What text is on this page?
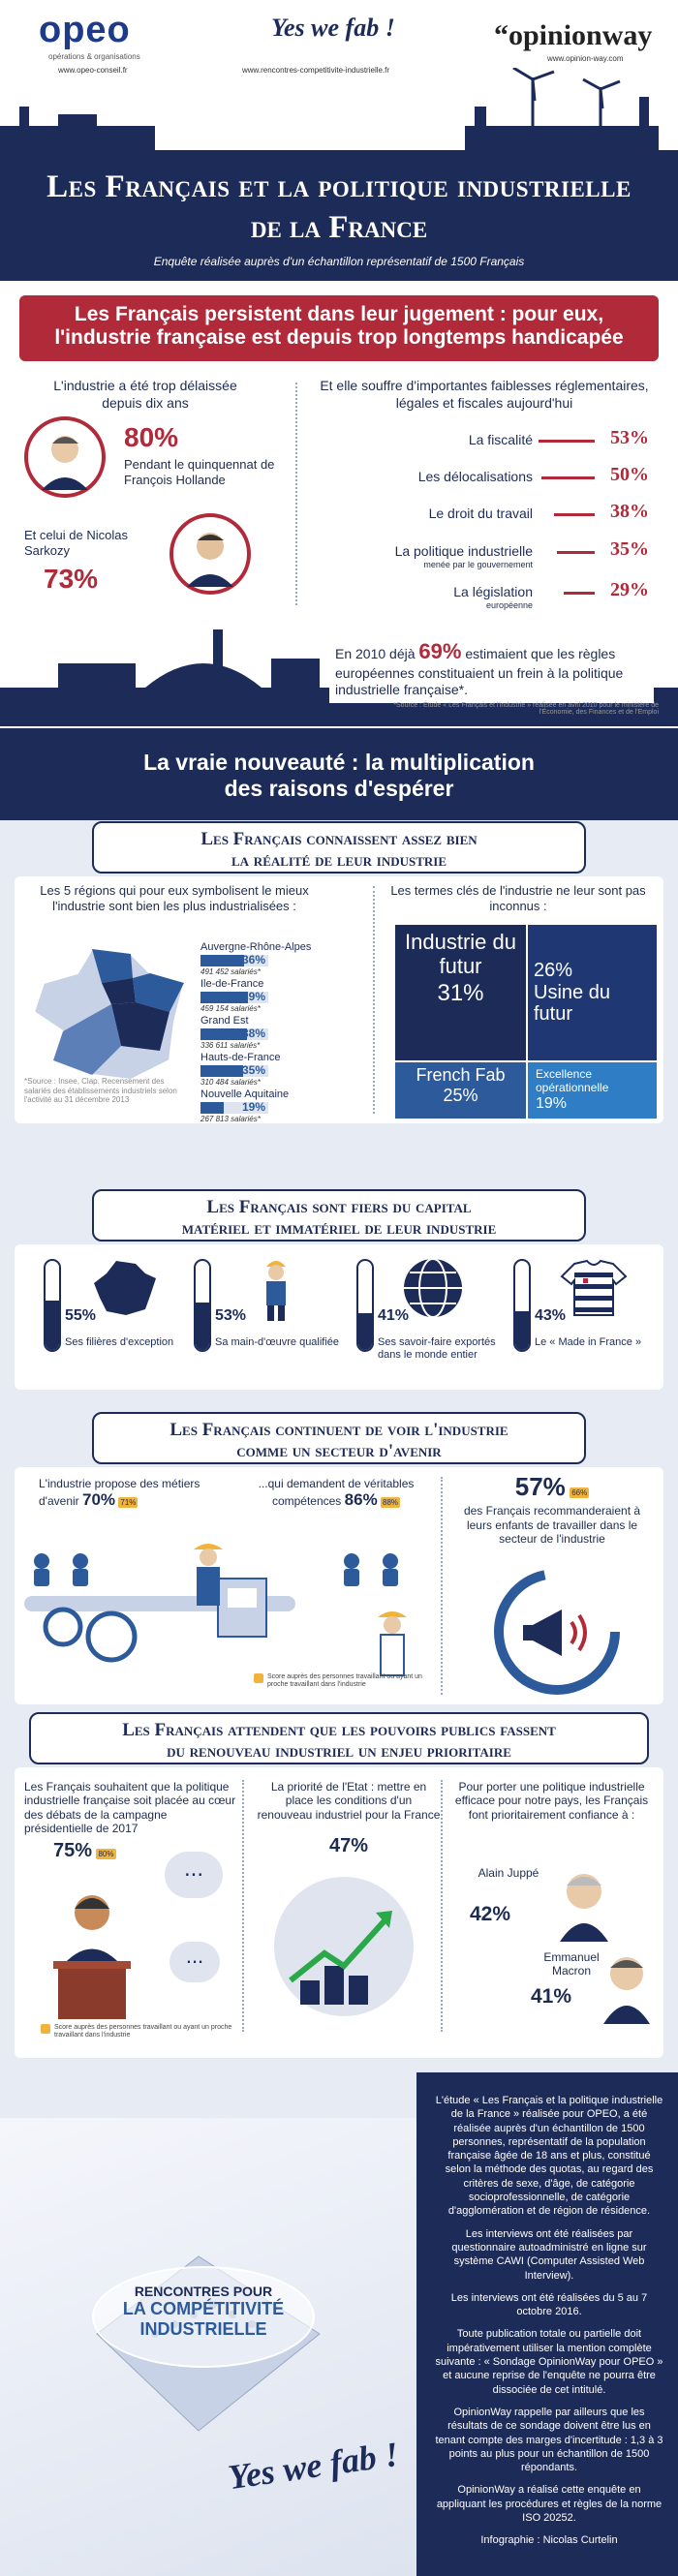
opeo
opérations & organisations
www.opeo-conseil.fr
Yes we fab !
www.rencontres-competitivite-industrielle.fr
“opinionway
www.opinion-way.com
Les Français et la politique industrielle
de la France
Enquête réalisée auprès d'un échantillon représentatif de 1500 Français
Les Français persistent dans leur jugement : pour eux,
l'industrie française est depuis trop longtemps handicapée
L'industrie a été trop délaissée depuis dix ans
80%
Pendant le quinquennat de François Hollande
Et celui de Nicolas Sarkozy
73%
Et elle souffre d'importantes faiblesses réglementaires, légales et fiscales aujourd'hui
La fiscalité	53%
Les délocalisations	50%
Le droit du travail	38%
La politique industrielle
menée par le gouvernement
35%
La législation
européenne
29%
En 2010 déjà 69% estimaient que les règles européennes constituaient un frein à la politique industrielle française*.
*Source : Étude « Les Français et l'industrie » réalisée en avril 2010 pour le ministère de l'Économie, des Finances et de l'Emploi
La vraie nouveauté : la multiplication
des raisons d'espérer
Les Français connaissent assez bien
la réalité de leur industrie
Les 5 régions qui pour eux symbolisent le mieux l'industrie sont bien les plus industrialisées :
*Source : Insee, Clap. Recensement des salariés des établissements industriels selon l'activité au 31 décembre 2013
Auvergne-Rhône-Alpes
36%
491 452 salariés*
Ile-de-France
39%
459 154 salariés*
Grand Est
38%
336 611 salariés*
Hauts-de-France
35%
310 484 salariés*
Nouvelle Aquitaine
19%
267 813 salariés*
Les termes clés de l'industrie ne leur sont pas inconnus :
Industrie du futur
31%
26%
Usine du futur
French Fab
25%
Excellence opérationnelle
19%
Les Français sont fiers du capital
matériel et immatériel de leur industrie
55%
Ses filières d'exception
53%
Sa main-d'œuvre qualifiée
41%
Ses savoir-faire exportés dans le monde entier
43%
Le « Made in France »
Les Français continuent de voir l'industrie
comme un secteur d'avenir
L'industrie propose des métiers d'avenir 70% 71%
...qui demandent de véritables compétences 86% 88%
57% 66%
des Français recommanderaient à leurs enfants de travailler dans le secteur de l'industrie
Score auprès des personnes travaillant ou ayant un proche travaillant dans l'industrie
Les Français attendent que les pouvoirs publics fassent
du renouveau industriel un enjeu prioritaire
Les Français souhaitent que la politique industrielle française soit placée au cœur des débats de la campagne présidentielle de 2017
75% 80%
...
...
La priorité de l'Etat : mettre en place les conditions d'un renouveau industriel pour la France
47%
Pour porter une politique industrielle efficace pour notre pays, les Français font prioritairement confiance à :
Alain Juppé
42%
Emmanuel Macron
41%
Score auprès des personnes travaillant ou ayant un proche travaillant dans l'industrie
RENCONTRES POUR
LA COMPÉTITIVITÉ
INDUSTRIELLE
Yes we fab !
L'étude « Les Français et la politique industrielle de la France » réalisée pour OPEO, a été réalisée auprès d'un échantillon de 1500 personnes, représentatif de la population française âgée de 18 ans et plus, constitué selon la méthode des quotas, au regard des critères de sexe, d'âge, de catégorie socioprofessionnelle, de catégorie d'agglomération et de région de résidence.
Les interviews ont été réalisées par questionnaire autoadministré en ligne sur système CAWI (Computer Assisted Web Interview).
Les interviews ont été réalisées du 5 au 7 octobre 2016.
Toute publication totale ou partielle doit impérativement utiliser la mention complète suivante : « Sondage OpinionWay pour OPEO » et aucune reprise de l'enquête ne pourra être dissociée de cet intitulé.
OpinionWay rappelle par ailleurs que les résultats de ce sondage doivent être lus en tenant compte des marges d'incertitude : 1,3 à 3 points au plus pour un échantillon de 1500 répondants.
OpinionWay a réalisé cette enquête en appliquant les procédures et règles de la norme ISO 20252.
Infographie : Nicolas Curtelin
